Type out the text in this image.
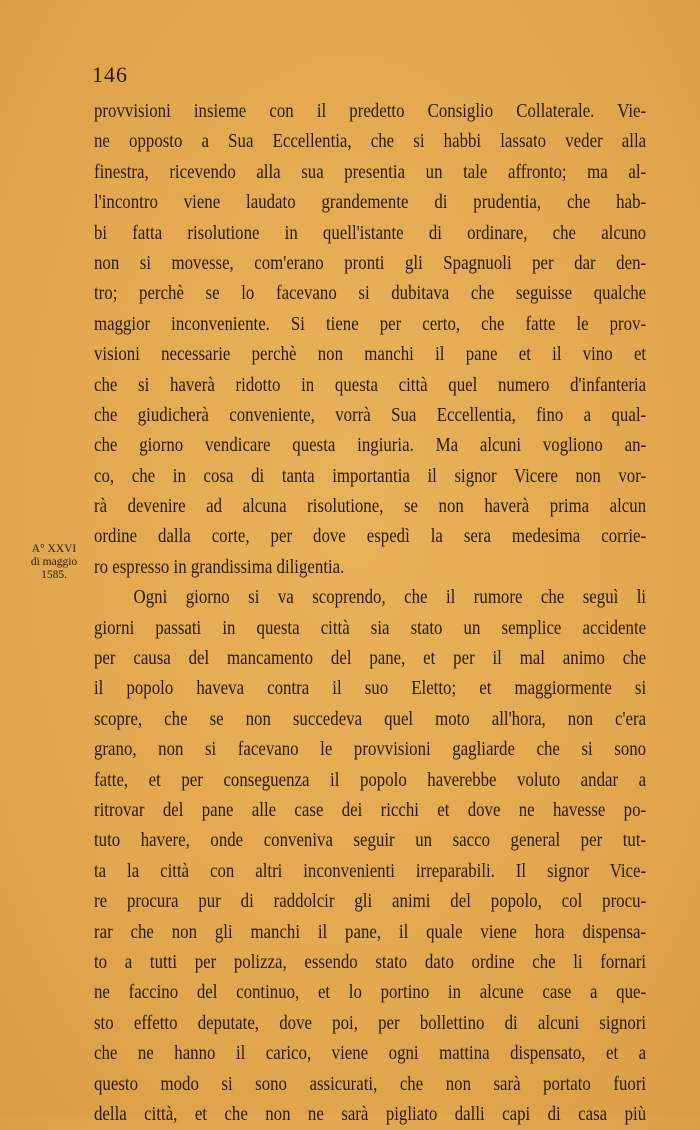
146
A° XXVI
di maggio
1585.
provvisioni insieme con il predetto Consiglio Collaterale. Vie-
ne opposto a Sua Eccellentia, che si habbi lassato veder alla
finestra, ricevendo alla sua presentia un tale affronto; ma al-
l'incontro viene laudato grandemente di prudentia, che hab-
bi fatta risolutione in quell'istante di ordinare, che alcuno
non si movesse, com'erano pronti gli Spagnuoli per dar den-
tro; perchè se lo facevano si dubitava che seguisse qualche
maggior inconveniente. Si tiene per certo, che fatte le prov-
visioni necessarie perchè non manchi il pane et il vino et
che si haverà ridotto in questa città quel numero d'infanteria
che giudicherà conveniente, vorrà Sua Eccellentia, fino a qual-
che giorno vendicare questa ingiuria. Ma alcuni vogliono an-
co, che in cosa di tanta importantia il signor Vicere non vor-
rà devenire ad alcuna risolutione, se non haverà prima alcun
ordine dalla corte, per dove espedì la sera medesima corrie-
ro espresso in grandissima diligentia.
Ogni giorno si va scoprendo, che il rumore che seguì li
giorni passati in questa città sia stato un semplice accidente
per causa del mancamento del pane, et per il mal animo che
il popolo haveva contra il suo Eletto; et maggiormente si
scopre, che se non succedeva quel moto all'hora, non c'era
grano, non si facevano le provvisioni gagliarde che si sono
fatte, et per conseguenza il popolo haverebbe voluto andar a
ritrovar del pane alle case dei ricchi et dove ne havesse po-
tuto havere, onde conveniva seguir un sacco general per tut-
ta la città con altri inconvenienti irreparabili. Il signor Vice-
re procura pur di raddolcir gli animi del popolo, col procu-
rar che non gli manchi il pane, il quale viene hora dispensa-
to a tutti per polizza, essendo stato dato ordine che li fornari
ne faccino del continuo, et lo portino in alcune case a que-
sto effetto deputate, dove poi, per bollettino di alcuni signori
che ne hanno il carico, viene ogni mattina dispensato, et a
questo modo si sono assicurati, che non sarà portato fuori
della città, et che non ne sarà pigliato dalli capi di casa più
